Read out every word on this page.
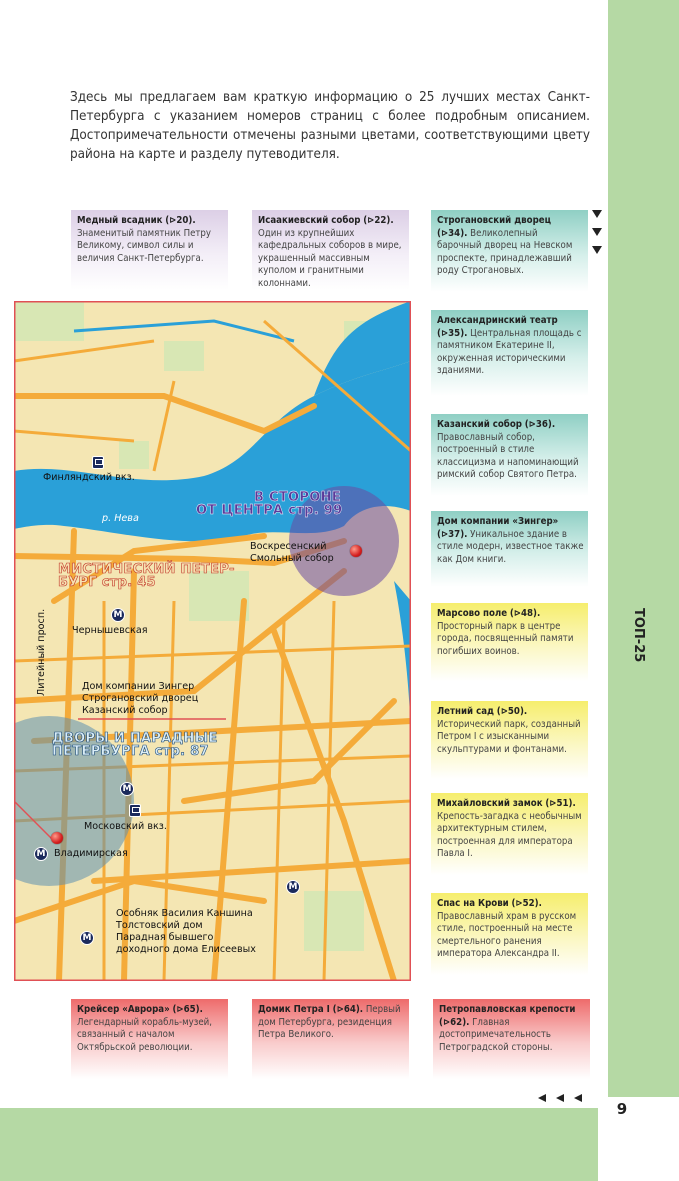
9
ТОП-25
Здесь мы предлагаем вам краткую информацию о 25 лучших местах Санкт-Петербурга с указанием номеров страниц с более подробным описанием. Достопримечательности отмечены разными цветами, соответствующими цвету района на карте и разделу путеводителя.
Медный всадник (⊳20). Знаменитый памятник Петру Великому, символ силы и величия Санкт-Петербурга.
Исаакиевский собор (⊳22). Один из крупнейших кафедральных соборов в мире, украшенный массивным куполом и гранитными колоннами.
Строгановский дворец (⊳34). Великолепный барочный дворец на Невском проспекте, принадлежавший роду Строгановых.
Александринский театр (⊳35). Центральная площадь с памятником Екатерине II, окруженная историческими зданиями.
Казанский собор (⊳36). Православный собор, построенный в стиле классицизма и напоминающий римский собор Святого Петра.
Дом компании «Зингер» (⊳37). Уникальное здание в стиле модерн, известное также как Дом книги.
Марсово поле (⊳48). Просторный парк в центре города, посвященный памяти погибших воинов.
Летний сад (⊳50). Исторический парк, созданный Петром I с изысканными скульптурами и фонтанами.
Михайловский замок (⊳51). Крепость-загадка с необычным архитектурным стилем, построенная для императора Павла I.
Спас на Крови (⊳52). Православный храм в русском стиле, построенный на месте смертельного ранения императора Александра II.
Крейсер «Аврора» (⊳65). Легендарный корабль-музей, связанный с началом Октябрьской революции.
Домик Петра I (⊳64). Первый дом Петербурга, резиденция Петра Великого.
Петропавловская крепости (⊳62). Главная достопримечательность Петроградской стороны.
M
M
M
M
M
Финляндский вкз.
р. Нева
Воскресенский
Смольный собор
Литейный просп.	Чернышевская
Дом компании Зингер
Строгановский дворец
Казанский собор
Московский вкз.
Владимирская
Особняк Василия Каншина
Толстовский дом
Парадная бывшего
доходного дома Елисеевых
В СТОРОНЕ
ОТ ЦЕНТРА стр. 99
МИСТИЧЕСКИЙ ПЕТЕР-
БУРГ стр. 45
ДВОРЫ И ПАРАДНЫЕ
ПЕТЕРБУРГА стр. 87
